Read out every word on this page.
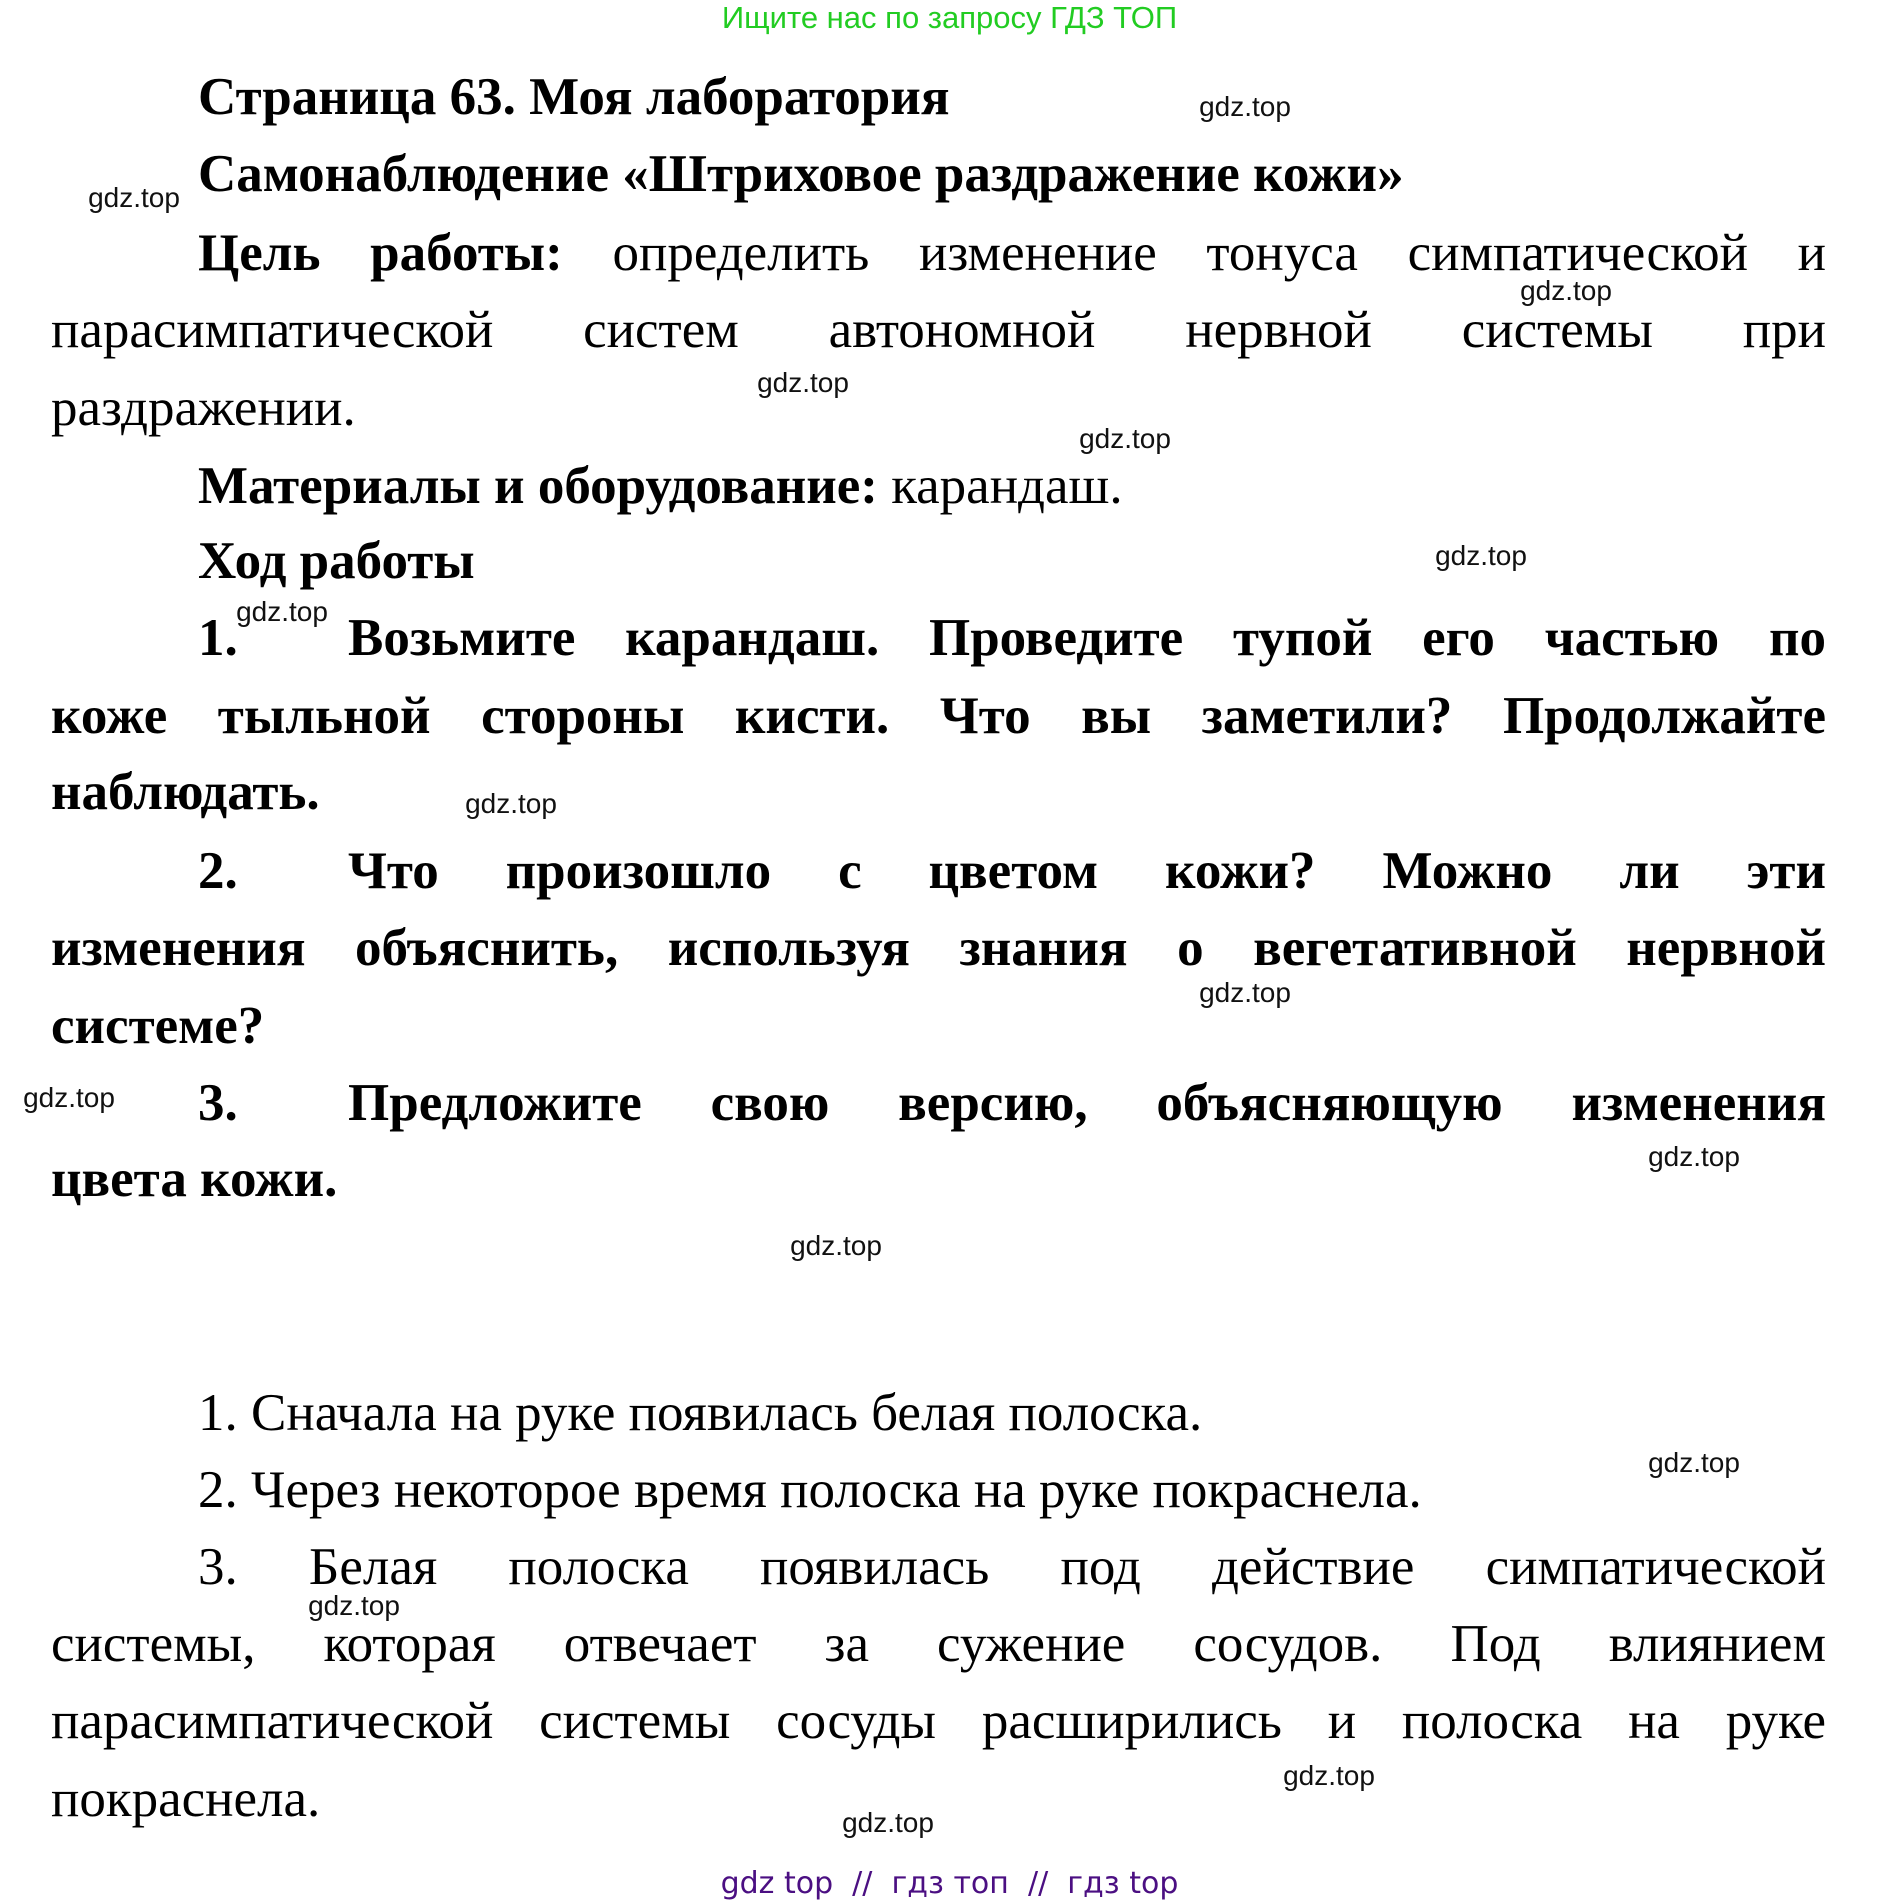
Ищите нас по запросу ГДЗ ТОП
Страница 63. Моя лаборатория
Самонаблюдение «Штриховое раздражение кожи»
Цель работы: определить изменение тонуса симпатической и
парасимпатической систем автономной нервной системы при
раздражении.
Материалы и оборудование: карандаш.
Ход работы
1. Возьмите карандаш. Проведите тупой его частью по
коже тыльной стороны кисти. Что вы заметили? Продолжайте
наблюдать.
2. Что произошло с цветом кожи? Можно ли эти
изменения объяснить, используя знания о вегетативной нервной
системе?
3. Предложите свою версию, объясняющую изменения
цвета кожи.
1. Сначала на руке появилась белая полоска.
2. Через некоторое время полоска на руке покраснела.
3. Белая полоска появилась под действие симпатической
системы, которая отвечает за сужение сосудов. Под влиянием
парасимпатической системы сосуды расширились и полоска на руке
покраснела.
gdz.top
gdz.top
gdz.top
gdz.top
gdz.top
gdz.top
gdz.top
gdz.top
gdz.top
gdz.top
gdz.top
gdz.top
gdz.top
gdz.top
gdz.top
gdz.top
gdz top  //  гдз топ  //  гдз top
